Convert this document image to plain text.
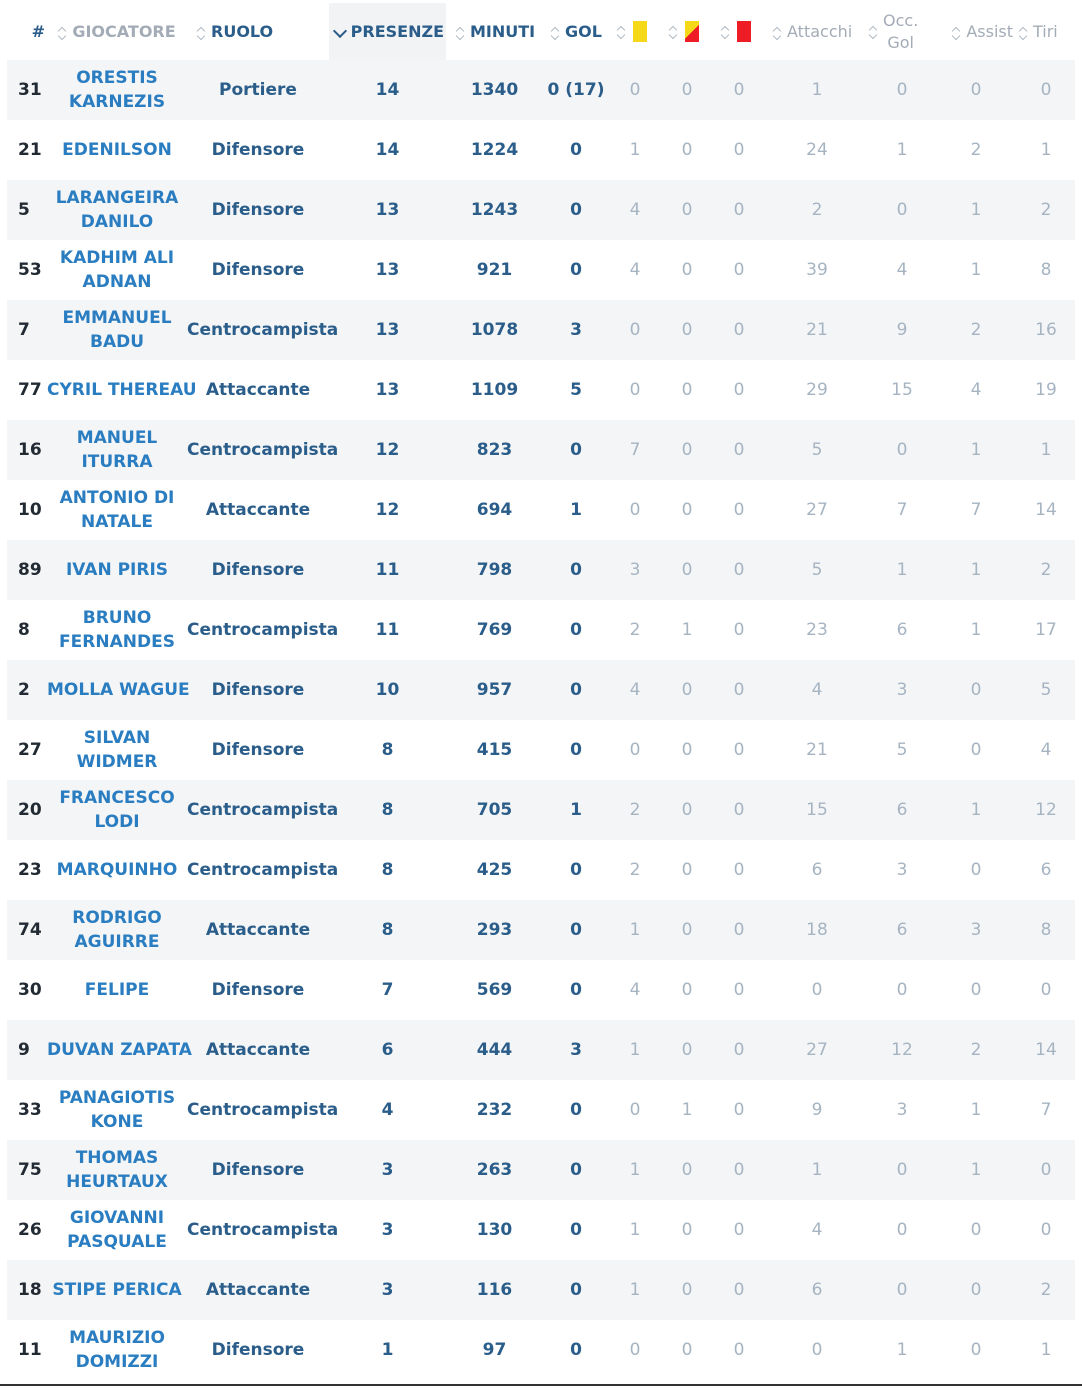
#	GIOCATORE	RUOLO	PRESENZE	MINUTI	GOL				Attacchi	Occ.
Gol	Assist	Tiri
31	ORESTIS KARNEZIS	Portiere	14	1340	0 (17)	0	0	0	1	0	0	0
21	EDENILSON	Difensore	14	1224	0	1	0	0	24	1	2	1
5	LARANGEIRA DANILO	Difensore	13	1243	0	4	0	0	2	0	1	2
53	KADHIM ALI ADNAN	Difensore	13	921	0	4	0	0	39	4	1	8
7	EMMANUEL BADU	Centrocampista	13	1078	3	0	0	0	21	9	2	16
77	CYRIL THEREAU	Attaccante	13	1109	5	0	0	0	29	15	4	19
16	MANUEL ITURRA	Centrocampista	12	823	0	7	0	0	5	0	1	1
10	ANTONIO DI NATALE	Attaccante	12	694	1	0	0	0	27	7	7	14
89	IVAN PIRIS	Difensore	11	798	0	3	0	0	5	1	1	2
8	BRUNO FERNANDES	Centrocampista	11	769	0	2	1	0	23	6	1	17
2	MOLLA WAGUE	Difensore	10	957	0	4	0	0	4	3	0	5
27	SILVAN WIDMER	Difensore	8	415	0	0	0	0	21	5	0	4
20	FRANCESCO LODI	Centrocampista	8	705	1	2	0	0	15	6	1	12
23	MARQUINHO	Centrocampista	8	425	0	2	0	0	6	3	0	6
74	RODRIGO AGUIRRE	Attaccante	8	293	0	1	0	0	18	6	3	8
30	FELIPE	Difensore	7	569	0	4	0	0	0	0	0	0
9	DUVAN ZAPATA	Attaccante	6	444	3	1	0	0	27	12	2	14
33	PANAGIOTIS KONE	Centrocampista	4	232	0	0	1	0	9	3	1	7
75	THOMAS HEURTAUX	Difensore	3	263	0	1	0	0	1	0	1	0
26	GIOVANNI PASQUALE	Centrocampista	3	130	0	1	0	0	4	0	0	0
18	STIPE PERICA	Attaccante	3	116	0	1	0	0	6	0	0	2
11	MAURIZIO DOMIZZI	Difensore	1	97	0	0	0	0	0	1	0	1
